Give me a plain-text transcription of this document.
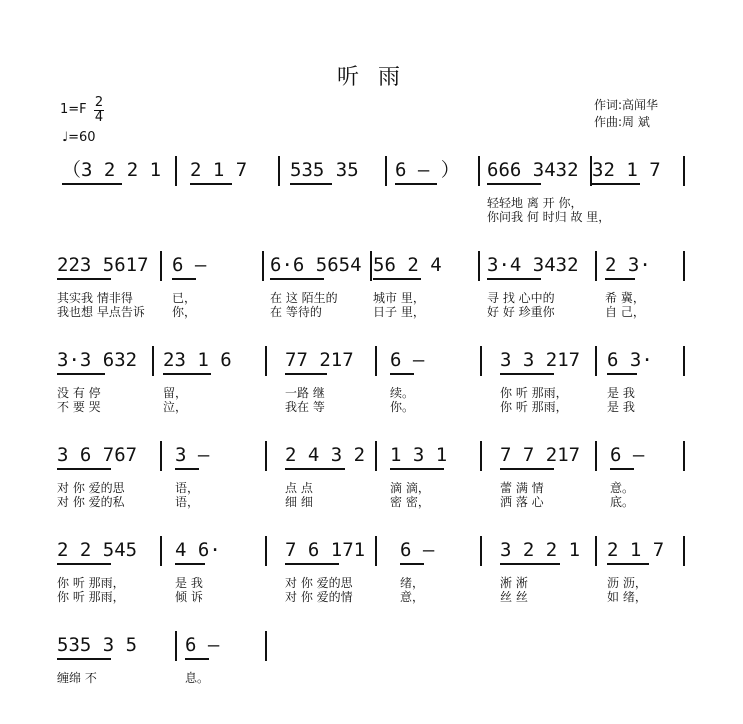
听 雨
1=F 2
4
♩=60
作词:高闻华
作曲:周 斌
（3 2 2 1 2 1 7 535 35 6 — ） 666 3432 32 1 7
轻轻地 离 开 你，
你问我 何 时归 故 里，
223 5617 6 —	6·6 5654 56 2 4 3·4 3432 2 3·
其实我 情非得	已，	在 这 陌生的	城市 里，	寻 找 心中的	希 冀，
我也想 早点告诉 你，	在 等待的	日子 里，	好 好 珍重你	自 己，
3·3 632 23 1 6	77 217 6 —	3 3 217 6 3·
没 有 停	留，	一路 继	续。	你 听 那雨，	是 我
不 要 哭	泣，	我在 等	你。	你 听 那雨，	是 我
3 6 767 3 —	2 4 3 2 1 3 1	7 7 217 6 —
对 你 爱的思	语，	点 点	滴 滴，	蕾 满 情	意。
对 你 爱的私	语，	细 细	密 密，	洒 落 心	底。
2 2 545 4 6·	7 6 171 6 —	3 2 2 1 2 1 7
你 听 那雨，	是 我	对 你 爱的思	绪，	淅 淅	沥 沥，
你 听 那雨，	倾 诉	对 你 爱的情	意，	丝 丝	如 绪，
535 3 5	6 —
缠绵 不	息。
